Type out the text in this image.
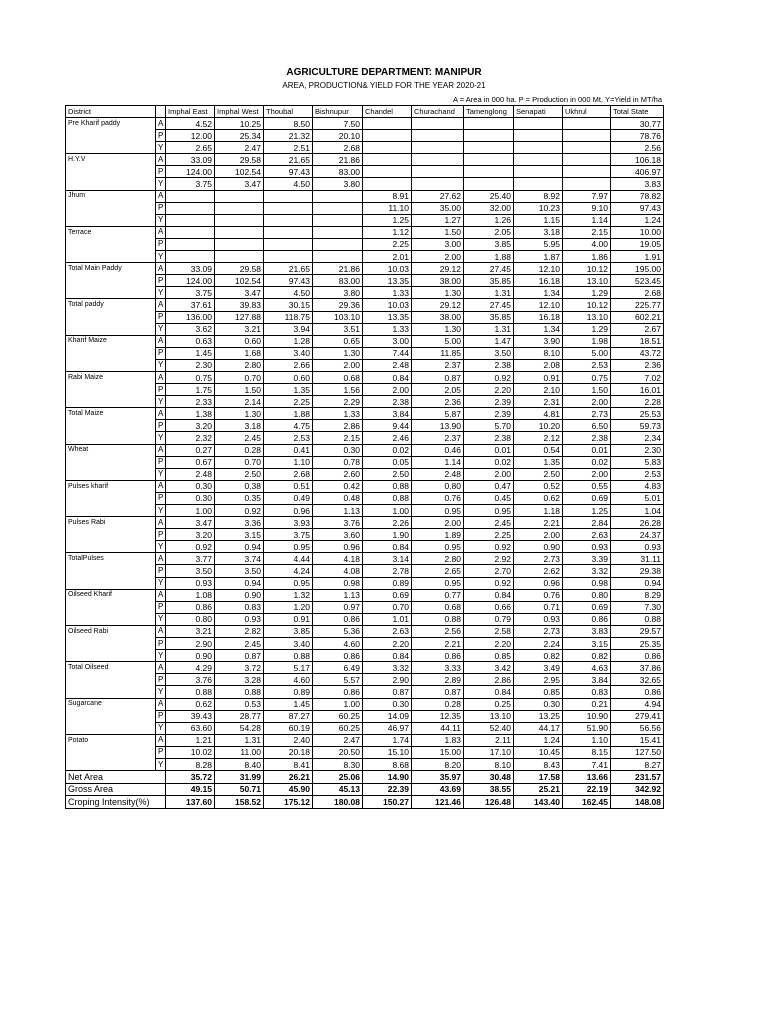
AGRICULTURE DEPARTMENT: MANIPUR
AREA, PRODUCTION& YIELD FOR THE YEAR 2020-21
A = Area in 000 ha. P = Production in 000 Mt, Y=Yield in MT/ha
District		Imphal East	Imphal West	Thoubal	Bishnupur	Chandel	Churachand	Tamenglong	Senapati	Ukhrul	Total State
Pre Kharif paddy	A	4.52	10.25	8.50	7.50						30.77
	P	12.00	25.34	21.32	20.10						78.76
	Y	2.65	2.47	2.51	2.68						2.56
H.Y.V	A	33.09	29.58	21.65	21.86						106.18
	P	124.00	102.54	97.43	83.00						406.97
	Y	3.75	3.47	4.50	3.80						3.83
Jhum	A					8.91	27.62	25.40	8.92	7.97	78.82
	P					11.10	35.00	32.00	10.23	9.10	97.43
	Y					1.25	1.27	1.26	1.15	1.14	1.24
Terrace	A					1.12	1.50	2.05	3.18	2.15	10.00
	P					2.25	3.00	3.85	5.95	4.00	19.05
	Y					2.01	2.00	1.88	1.87	1.86	1.91
Total Main Paddy	A	33.09	29.58	21.65	21.86	10.03	29.12	27.45	12.10	10.12	195.00
	P	124.00	102.54	97.43	83.00	13.35	38.00	35.85	16.18	13.10	523.45
	Y	3.75	3.47	4.50	3.80	1.33	1.30	1.31	1.34	1.29	2.68
Total paddy	A	37.61	39.83	30.15	29.36	10.03	29.12	27.45	12.10	10.12	225.77
	P	136.00	127.88	118.75	103.10	13.35	38.00	35.85	16.18	13.10	602.21
	Y	3.62	3.21	3.94	3.51	1.33	1.30	1.31	1.34	1.29	2.67
Kharif Maize	A	0.63	0.60	1.28	0.65	3.00	5.00	1.47	3.90	1.98	18.51
	P	1.45	1.68	3.40	1.30	7.44	11.85	3.50	8.10	5.00	43.72
	Y	2.30	2.80	2.66	2.00	2.48	2.37	2.38	2.08	2.53	2.36
Rabi Maize	A	0.75	0.70	0.60	0.68	0.84	0.87	0.92	0.91	0.75	7.02
	P	1.75	1.50	1.35	1.56	2.00	2.05	2.20	2.10	1.50	16.01
	Y	2.33	2.14	2.25	2.29	2.38	2.36	2.39	2.31	2.00	2.28
Total Maize	A	1.38	1.30	1.88	1.33	3.84	5.87	2.39	4.81	2.73	25.53
	P	3.20	3.18	4.75	2.86	9.44	13.90	5.70	10.20	6.50	59.73
	Y	2.32	2.45	2.53	2.15	2.46	2.37	2.38	2.12	2.38	2.34
Wheat	A	0.27	0.28	0.41	0.30	0.02	0.46	0.01	0.54	0.01	2.30
	P	0.67	0.70	1.10	0.78	0.05	1.14	0.02	1.35	0.02	5.83
	Y	2.48	2.50	2.68	2.60	2.50	2.48	2.00	2.50	2.00	2.53
Pulses kharif	A	0.30	0.38	0.51	0.42	0.88	0.80	0.47	0.52	0.55	4.83
	P	0.30	0.35	0.49	0.48	0.88	0.76	0.45	0.62	0.69	5.01
	Y	1.00	0.92	0.96	1.13	1.00	0.95	0.95	1.18	1.25	1.04
Pulses Rabi	A	3.47	3.36	3.93	3.76	2.26	2.00	2.45	2.21	2.84	26.28
	P	3.20	3.15	3.75	3.60	1.90	1.89	2.25	2.00	2.63	24.37
	Y	0.92	0.94	0.95	0.96	0.84	0.95	0.92	0.90	0.93	0.93
TotalPulses	A	3.77	3.74	4.44	4.18	3.14	2.80	2.92	2.73	3.39	31.11
	P	3.50	3.50	4.24	4.08	2.78	2.65	2.70	2.62	3.32	29.38
	Y	0.93	0.94	0.95	0.98	0.89	0.95	0.92	0.96	0.98	0.94
Oilseed Kharif	A	1.08	0.90	1.32	1.13	0.69	0.77	0.84	0.76	0.80	8.29
	P	0.86	0.83	1.20	0.97	0.70	0.68	0.66	0.71	0.69	7.30
	Y	0.80	0.93	0.91	0.86	1.01	0.88	0.79	0.93	0.86	0.88
Oilseed Rabi	A	3.21	2.82	3.85	5.36	2.63	2.56	2.58	2.73	3.83	29.57
	P	2.90	2.45	3.40	4.60	2.20	2.21	2.20	2.24	3.15	25.35
	Y	0.90	0.87	0.88	0.86	0.84	0.86	0.85	0.82	0.82	0.86
Total Oilseed	A	4.29	3.72	5.17	6.49	3.32	3.33	3.42	3.49	4.63	37.86
	P	3.76	3.28	4.60	5.57	2.90	2.89	2.86	2.95	3.84	32.65
	Y	0.88	0.88	0.89	0.86	0.87	0.87	0.84	0.85	0.83	0.86
Sugarcane	A	0.62	0.53	1.45	1.00	0.30	0.28	0.25	0.30	0.21	4.94
	P	39.43	28.77	87.27	60.25	14.09	12.35	13.10	13.25	10.90	279.41
	Y	63.60	54.28	60.19	60.25	46.97	44.11	52.40	44.17	51.90	56.56
Potato	A	1.21	1.31	2.40	2.47	1.74	1.83	2.11	1.24	1.10	15.41
	P	10.02	11.00	20.18	20.50	15.10	15.00	17.10	10.45	8.15	127.50
	Y	8.28	8.40	8.41	8.30	8.68	8.20	8.10	8.43	7.41	8.27
Net Area		35.72	31.99	26.21	25.06	14.90	35.97	30.48	17.58	13.66	231.57
Gross Area		49.15	50.71	45.90	45.13	22.39	43.69	38.55	25.21	22.19	342.92
Croping Intensity(%)		137.60	158.52	175.12	180.08	150.27	121.46	126.48	143.40	162.45	148.08
